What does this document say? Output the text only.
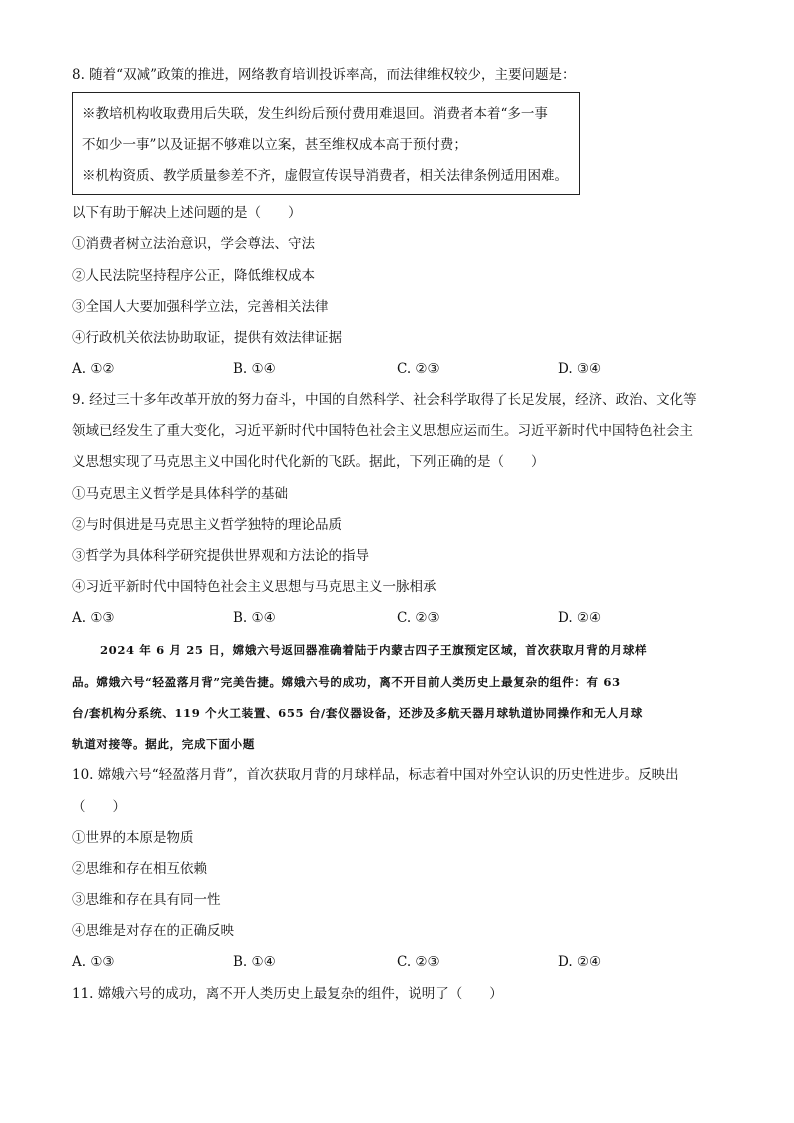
8. 随着“双减”政策的推进，网络教育培训投诉率高，而法律维权较少，主要问题是：
※教培机构收取费用后失联，发生纠纷后预付费用难退回。消费者本着“多一事
不如少一事”以及证据不够难以立案，甚至维权成本高于预付费；
※机构资质、教学质量参差不齐，虚假宣传误导消费者，相关法律条例适用困难。
以下有助于解决上述问题的是（　　）
①消费者树立法治意识，学会尊法、守法
②人民法院坚持程序公正，降低维权成本
③全国人大要加强科学立法，完善相关法律
④行政机关依法协助取证，提供有效法律证据
A. ①②	B. ①④	C. ②③	D. ③④
9. 经过三十多年改革开放的努力奋斗，中国的自然科学、社会科学取得了长足发展，经济、政治、文化等
领域已经发生了重大变化，习近平新时代中国特色社会主义思想应运而生。习近平新时代中国特色社会主
义思想实现了马克思主义中国化时代化新的飞跃。据此，下列正确的是（　　）
①马克思主义哲学是具体科学的基础
②与时俱进是马克思主义哲学独特的理论品质
③哲学为具体科学研究提供世界观和方法论的指导
④习近平新时代中国特色社会主义思想与马克思主义一脉相承
A. ①③	B. ①④	C. ②③	D. ②④
2024 年 6 月 25 日，嫦娥六号返回器准确着陆于内蒙古四子王旗预定区域，首次获取月背的月球样
品。嫦娥六号“轻盈落月背”完美告捷。嫦娥六号的成功，离不开目前人类历史上最复杂的组件：有 63
台/套机构分系统、119 个火工装置、655 台/套仪器设备，还涉及多航天器月球轨道协同操作和无人月球
轨道对接等。据此，完成下面小题
10. 嫦娥六号“轻盈落月背”，首次获取月背的月球样品，标志着中国对外空认识的历史性进步。反映出
（　　）
①世界的本原是物质
②思维和存在相互依赖
③思维和存在具有同一性
④思维是对存在的正确反映
A. ①③	B. ①④	C. ②③	D. ②④
11. 嫦娥六号的成功，离不开人类历史上最复杂的组件，说明了（　　）
